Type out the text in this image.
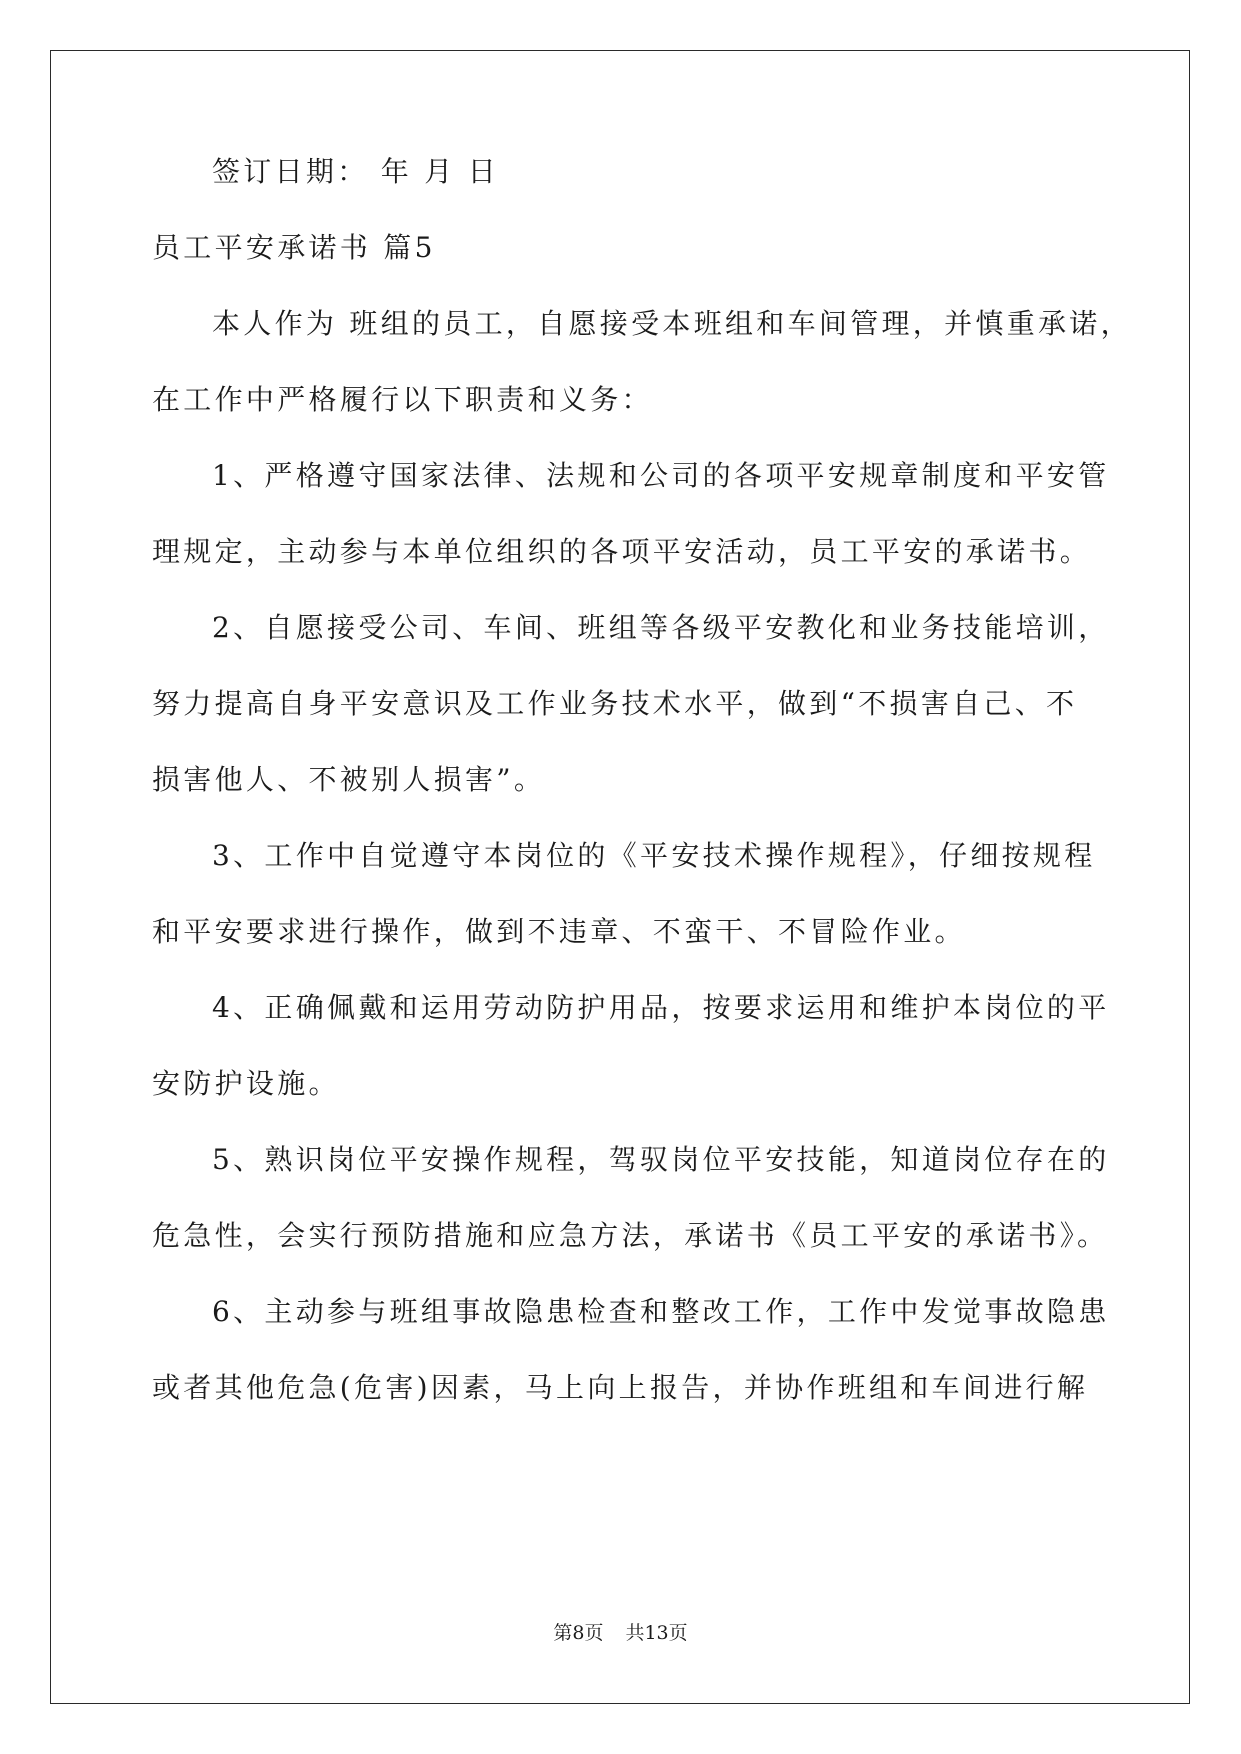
签订日期： 年 月 日
员工平安承诺书 篇5
本人作为 班组的员工，自愿接受本班组和车间管理，并慎重承诺，
在工作中严格履行以下职责和义务：
1、严格遵守国家法律、法规和公司的各项平安规章制度和平安管
理规定，主动参与本单位组织的各项平安活动，员工平安的承诺书。
2、自愿接受公司、车间、班组等各级平安教化和业务技能培训，
努力提高自身平安意识及工作业务技术水平，做到“不损害自己、不
损害他人、不被别人损害”。
3、工作中自觉遵守本岗位的《平安技术操作规程》，仔细按规程
和平安要求进行操作，做到不违章、不蛮干、不冒险作业。
4、正确佩戴和运用劳动防护用品，按要求运用和维护本岗位的平
安防护设施。
5、熟识岗位平安操作规程，驾驭岗位平安技能，知道岗位存在的
危急性，会实行预防措施和应急方法，承诺书《员工平安的承诺书》。
6、主动参与班组事故隐患检查和整改工作，工作中发觉事故隐患
或者其他危急(危害)因素，马上向上报告，并协作班组和车间进行解
第8页 共13页
